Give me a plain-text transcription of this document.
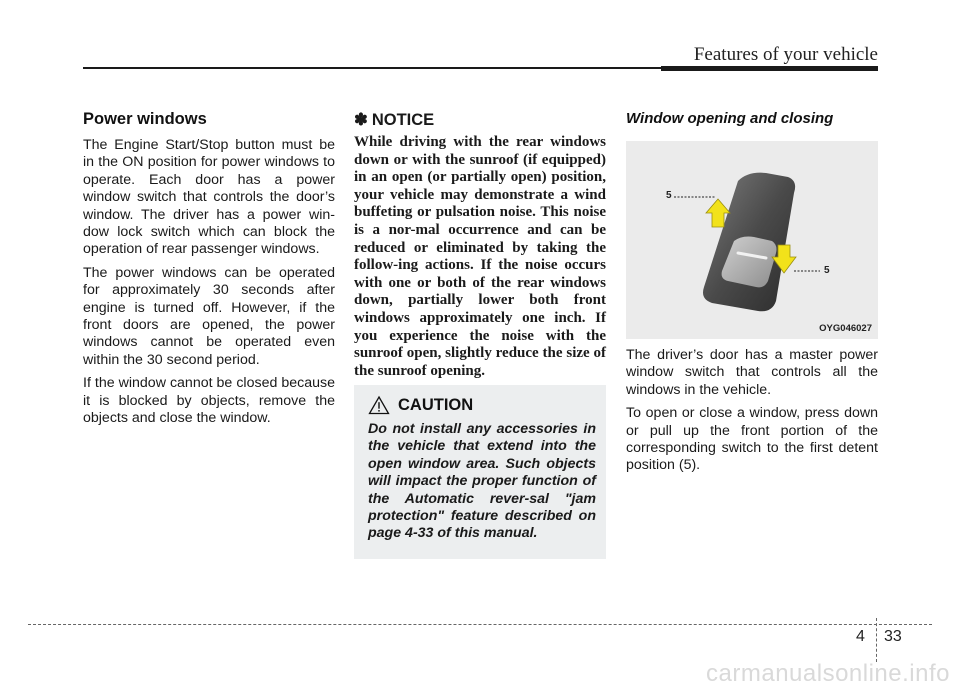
Features of your vehicle
Power windows

The Engine Start/Stop button must be in the ON position for power windows to operate. Each door has a power window switch that controls the door’s window. The driver has a power win-dow lock switch which can block the operation of rear passenger windows.

The power windows can be operated for approximately 30 seconds after engine is turned off. However, if the front doors are opened, the power windows cannot be operated even within the 30 second period.

If the window cannot be closed because it is blocked by objects, remove the objects and close the window.

✽ NOTICE
While driving with the rear windows down or with the sunroof (if equipped) in an open (or partially open) position, your vehicle may demonstrate a wind buffeting or pulsation noise. This noise is a nor-mal occurrence and can be reduced or eliminated by taking the follow-ing actions. If the noise occurs with one or both of the rear windows down, partially lower both front windows approximately one inch. If you experience the noise with the sunroof open, slightly reduce the size of the sunroof opening.
CAUTION
Do not install any accessories in the vehicle that extend into the open window area. Such objects will impact the proper function of the Automatic rever-sal "jam protection" feature described on page 4-33 of this manual.
Window opening and closing
5
5
OYG046027

The driver’s door has a master power window switch that controls all the windows in the vehicle.

To open or close a window, press down or pull up the front portion of the corresponding switch to the first detent position (5).

4 33
carmanualsonline.info
